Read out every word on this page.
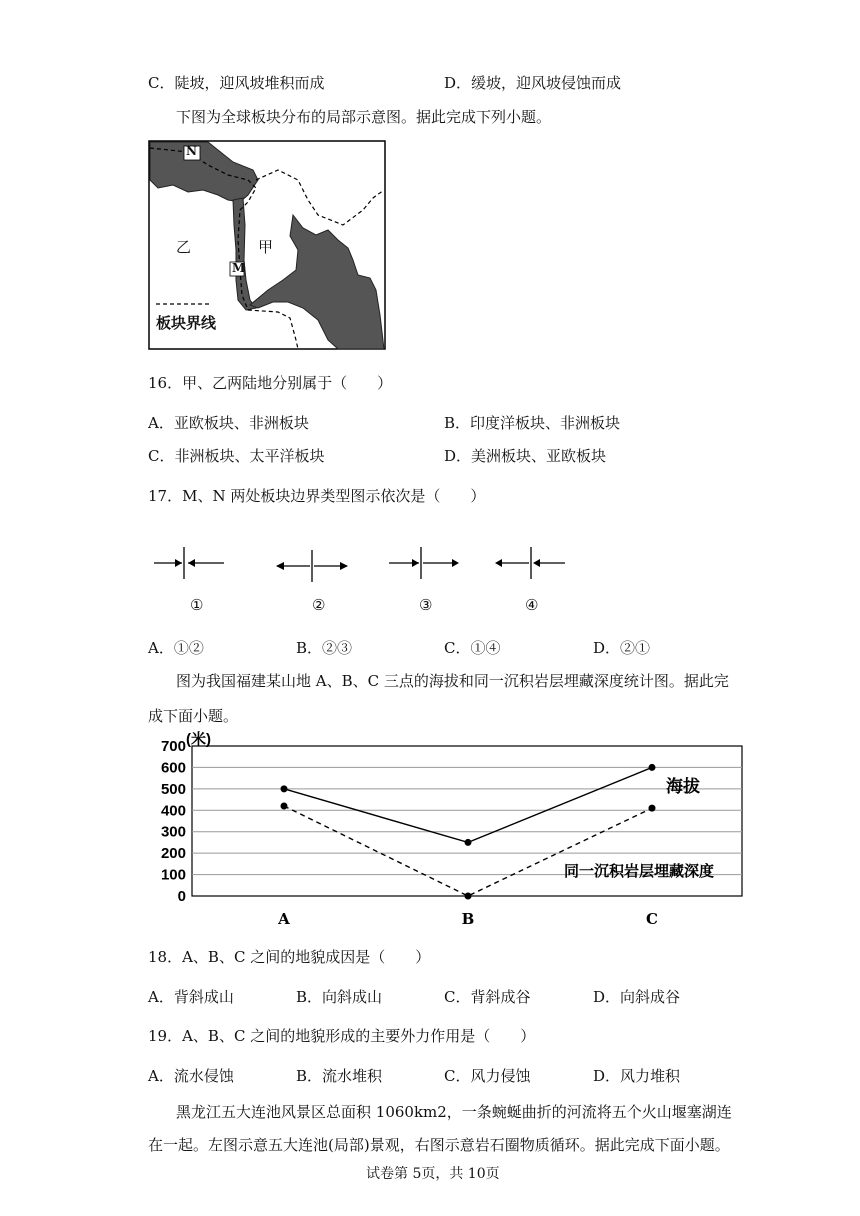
C．陡坡，迎风坡堆积而成	D．缓坡，迎风坡侵蚀而成
下图为全球板块分布的局部示意图。据此完成下列小题。
N
M
乙	甲
板块界线
16．甲、乙两陆地分别属于（　　）
A．亚欧板块、非洲板块	B．印度洋板块、非洲板块
C．非洲板块、太平洋板块	D．美洲板块、亚欧板块
17．M、N 两处板块边界类型图示依次是（　　）
①	②	③	④
A．①②	B．②③	C．①④	D．②①
图为我国福建某山地 A、B、C 三点的海拔和同一沉积岩层埋藏深度统计图。据此完
成下面小题。
0
100
200
300
400
500
600
700 (米)
A	B	C
海拔
同一沉积岩层埋藏深度
18．A、B、C 之间的地貌成因是（　　）
A．背斜成山	B．向斜成山	C．背斜成谷	D．向斜成谷
19．A、B、C 之间的地貌形成的主要外力作用是（　　）
A．流水侵蚀	B．流水堆积	C．风力侵蚀	D．风力堆积
黑龙江五大连池风景区总面积 1060km2，一条蜿蜒曲折的河流将五个火山堰塞湖连
在一起。左图示意五大连池(局部)景观，右图示意岩石圈物质循环。据此完成下面小题。
试卷第 5页，共 10页
